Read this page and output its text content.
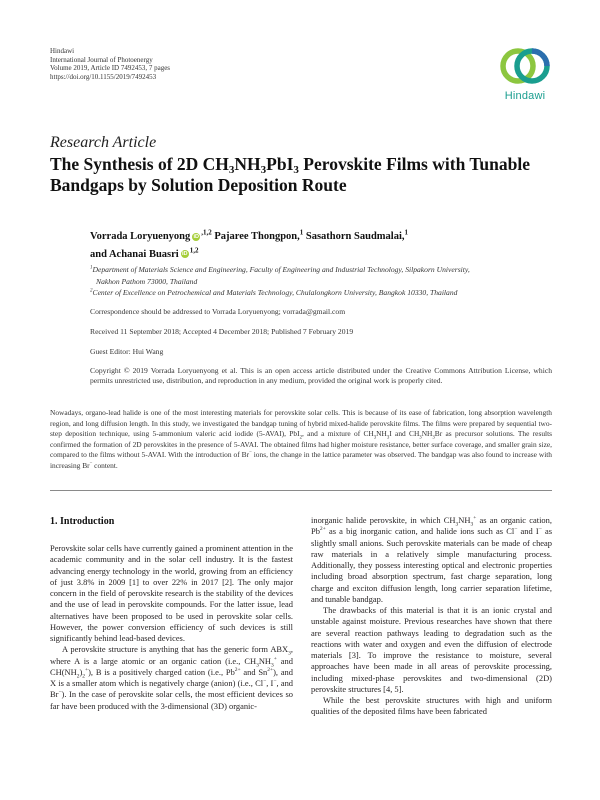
Hindawi
International Journal of Photoenergy
Volume 2019, Article ID 7492453, 7 pages
https://doi.org/10.1155/2019/7492453
Hindawi
Research Article
The Synthesis of 2D $CH_3NH_3PbI_3$ Perovskite Films with Tunable Bandgaps by Solution Deposition Route
Vorrada Loryuenyong $iD^{,1,2}$ Pajaree Thongpon,$^1$ Sasathorn Saudmalai,$^1$
and Achanai Buasri iD$^{1,2}$
$^1$Department of Materials Science and Engineering, Faculty of Engineering and Industrial Technology, Silpakorn University,
Nakhon Pathom 73000, Thailand
$^2$Center of Excellence on Petrochemical and Materials Technology, Chulalongkorn University, Bangkok 10330, Thailand
Correspondence should be addressed to Vorrada Loryuenyong; vorrada@gmail.com
Received 11 September 2018; Accepted 4 December 2018; Published 7 February 2019
Guest Editor: Hui Wang
Copyright © 2019 Vorrada Loryuenyong et al. This is an open access article distributed under the Creative Commons Attribution License, which permits unrestricted use, distribution, and reproduction in any medium, provided the original work is properly cited.
Nowadays, organo-lead halide is one of the most interesting materials for perovskite solar cells. This is because of its ease of fabrication, long absorption wavelength region, and long diffusion length. In this study, we investigated the bandgap tuning of hybrid mixed-halide perovskite films. The films were prepared by sequential two-step deposition technique, using 5-ammonium valeric acid iodide (5-AVAI), PbI$_2$, and a mixture of $CH_3NH_3I$ and $CH_3NH_3Br$ as precursor solutions. The results confirmed the formation of 2D perovskites in the presence of 5-AVAI. The obtained films had higher moisture resistance, better surface coverage, and smaller grain size, compared to the films without 5-AVAI. With the introduction of Br− ions, the change in the lattice parameter was observed. The bandgap was also found to increase with increasing Br− content.
1. Introduction

Perovskite solar cells have currently gained a prominent attention in the academic community and in the solar cell industry. It is the fastest advancing energy technology in the world, growing from an efficiency of just 3.8% in 2009 [1] to over 22% in 2017 [2]. The only major concern in the field of perovskite research is the stability of the devices and the use of lead in perovskite compounds. For the latter issue, lead alternatives have been proposed to be used in perovskite solar cells. However, the power conversion efficiency of such devices is still significantly behind lead-based devices.

A perovskite structure is anything that has the generic form $ABX_3$, where A is a large atomic or an organic cation (i.e., $CH_3NH_3^+$ and $CH(NH_2)_2^+$), B is a positively charged cation (i.e., $Pb^{2+}$ and $Sn^{2+}$), and X is a smaller atom which is negatively charge (anion) (i.e., Cl−, I−, and Br−). In the case of perovskite solar cells, the most efficient devices so far have been produced with the 3-dimensional (3D) organic-

inorganic halide perovskite, in which $CH_3NH_3^+$ as an organic cation, $Pb^{2+}$ as a big inorganic cation, and halide ions such as Cl− and I− as slightly small anions. Such perovskite materials can be made of cheap raw materials in a relatively simple manufacturing process. Additionally, they possess interesting optical and electronic properties including broad absorption spectrum, fast charge separation, long charge and exciton diffusion length, long carrier separation lifetime, and tunable bandgap.

The drawbacks of this material is that it is an ionic crystal and unstable against moisture. Previous researches have shown that there are several reaction pathways leading to degradation such as the reactions with water and oxygen and even the diffusion of electrode materials [3]. To improve the resistance to moisture, several approaches have been made in all areas of perovskite processing, including mixed-phase perovskites and two-dimensional (2D) perovskite structures [4, 5].

While the best perovskite structures with high and uniform qualities of the deposited films have been fabricated
